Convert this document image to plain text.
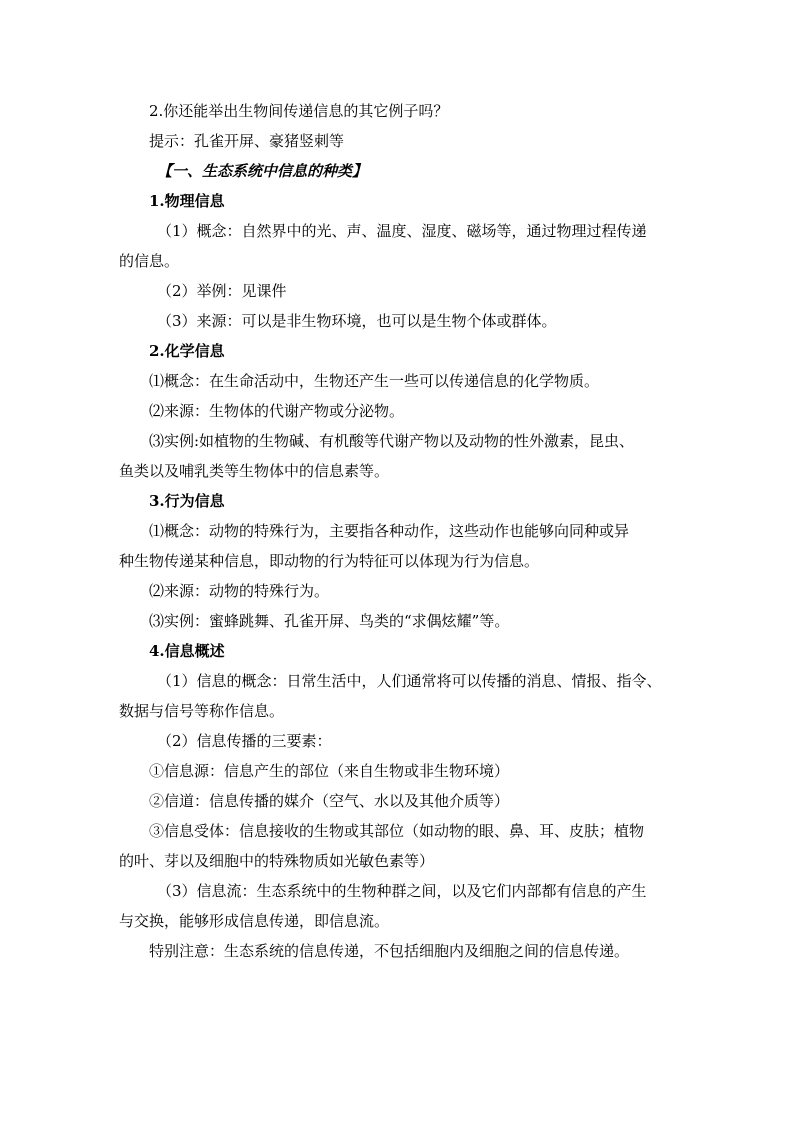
2.你还能举出生物间传递信息的其它例子吗？

提示：孔雀开屏、豪猪竖刺等

【一、生态系统中信息的种类】

1.物理信息

（1）概念：自然界中的光、声、温度、湿度、磁场等，通过物理过程传递

的信息。

（2）举例：见课件

（3）来源：可以是非生物环境，也可以是生物个体或群体。

2.化学信息

⑴概念：在生命活动中，生物还产生一些可以传递信息的化学物质。

⑵来源：生物体的代谢产物或分泌物。

⑶实例:如植物的生物碱、有机酸等代谢产物以及动物的性外激素，昆虫、

鱼类以及哺乳类等生物体中的信息素等。

3.行为信息

⑴概念：动物的特殊行为，主要指各种动作，这些动作也能够向同种或异

种生物传递某种信息，即动物的行为特征可以体现为行为信息。

⑵来源：动物的特殊行为。

⑶实例：蜜蜂跳舞、孔雀开屏、鸟类的“求偶炫耀”等。

4.信息概述

（1）信息的概念：日常生活中，人们通常将可以传播的消息、情报、指令、

数据与信号等称作信息。

（2）信息传播的三要素：

①信息源：信息产生的部位（来自生物或非生物环境）

②信道：信息传播的媒介（空气、水以及其他介质等）

③信息受体：信息接收的生物或其部位（如动物的眼、鼻、耳、皮肤；植物

的叶、芽以及细胞中的特殊物质如光敏色素等）

（3）信息流：生态系统中的生物种群之间，以及它们内部都有信息的产生

与交换，能够形成信息传递，即信息流。

特别注意：生态系统的信息传递，不包括细胞内及细胞之间的信息传递。
